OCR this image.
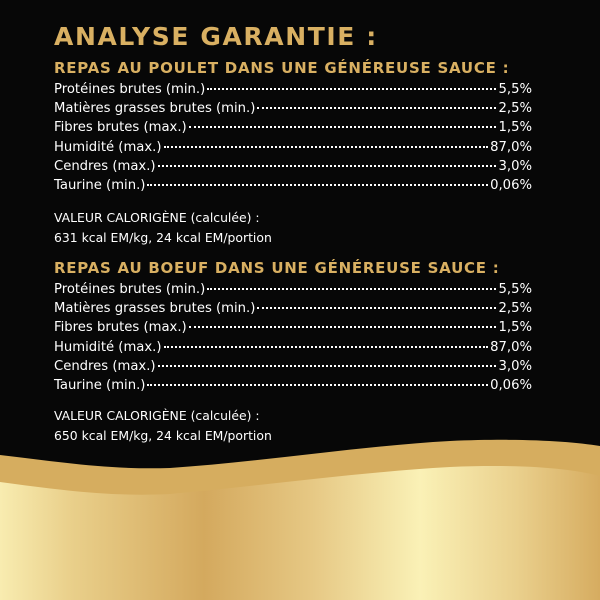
ANALYSE GARANTIE :
REPAS AU POULET DANS UNE GÉNÉREUSE SAUCE :
Protéines brutes (min.)	5,5%
Matières grasses brutes (min.)	2,5%
Fibres brutes (max.)	1,5%
Humidité (max.)	87,0%
Cendres (max.)	3,0%
Taurine (min.)	0,06%
VALEUR CALORIGÈNE (calculée) :
631 kcal EM/kg, 24 kcal EM/portion
REPAS AU BOEUF DANS UNE GÉNÉREUSE SAUCE :
Protéines brutes (min.)	5,5%
Matières grasses brutes (min.)	2,5%
Fibres brutes (max.)	1,5%
Humidité (max.)	87,0%
Cendres (max.)	3,0%
Taurine (min.)	0,06%
VALEUR CALORIGÈNE (calculée) :
650 kcal EM/kg, 24 kcal EM/portion
